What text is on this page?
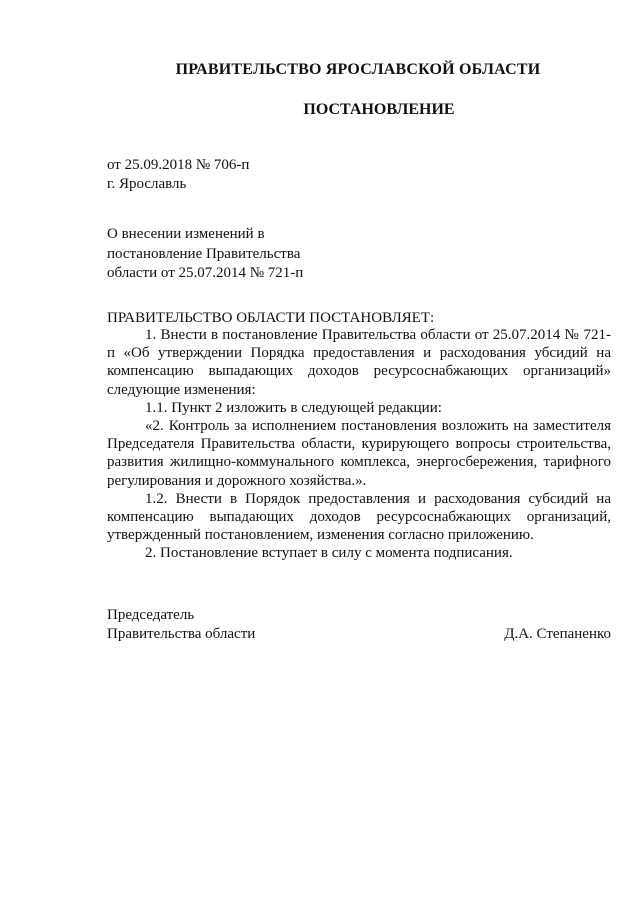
ПРАВИТЕЛЬСТВО ЯРОСЛАВСКОЙ ОБЛАСТИ
ПОСТАНОВЛЕНИЕ
от 25.09.2018 № 706-п
г. Ярославль
О внесении изменений в
постановление Правительства
области от 25.07.2014 № 721-п
ПРАВИТЕЛЬСТВО ОБЛАСТИ ПОСТАНОВЛЯЕТ:

1. Внести в постановление Правительства области от 25.07.2014 № 721-п «Об утверждении Порядка предоставления и расходования убсидий на компенсацию выпадающих доходов ресурсоснабжающих организаций» следующие изменения:

1.1. Пункт 2 изложить в следующей редакции:

«2. Контроль за исполнением постановления возложить на заместителя Председателя Правительства области, курирующего вопросы строительства, развития жилищно-коммунального комплекса, энергосбережения, тарифного регулирования и дорожного хозяйства.».

1.2. Внести в Порядок предоставления и расходования субсидий на компенсацию выпадающих доходов ресурсоснабжающих организаций, утвержденный постановлением, изменения согласно приложению.

2. Постановление вступает в силу с момента подписания.

Председатель
Правительства области	Д.А. Степаненко
